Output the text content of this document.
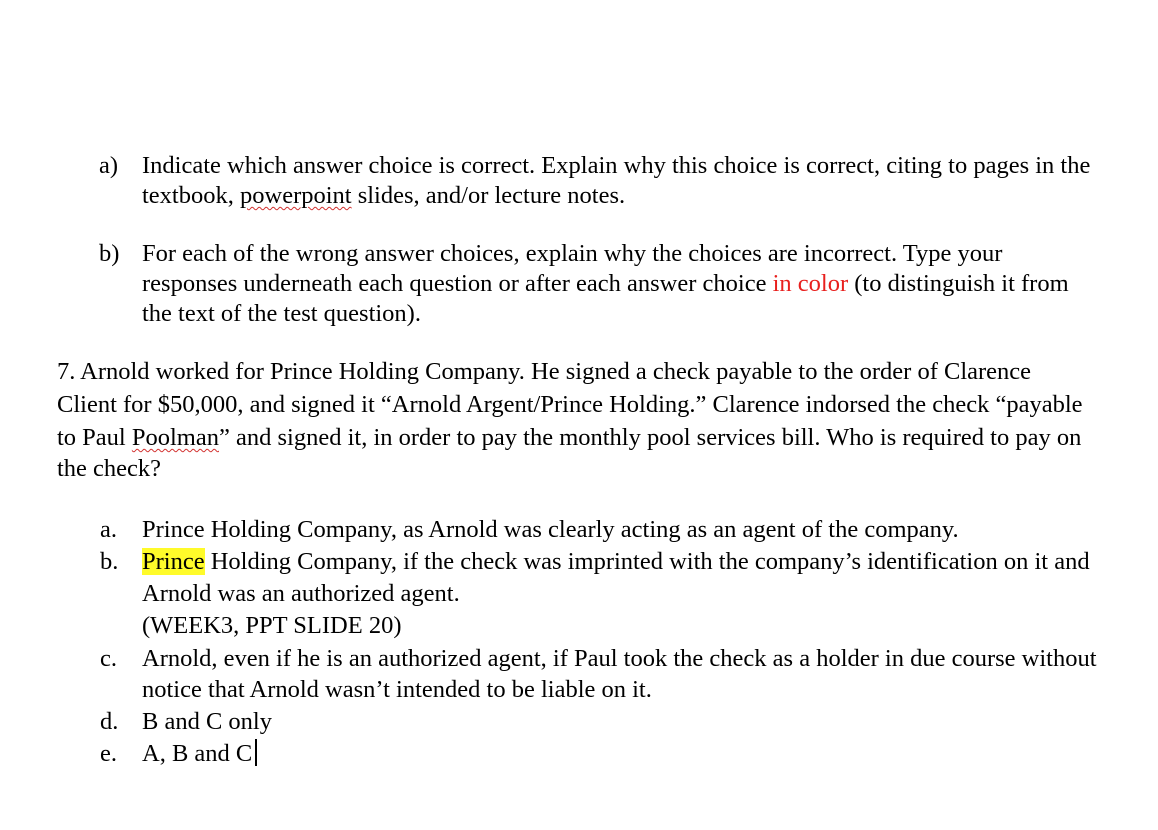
a) Indicate which answer choice is correct. Explain why this choice is correct, citing to pages in the
textbook, powerpoint slides, and/or lecture notes.
b) For each of the wrong answer choices, explain why the choices are incorrect. Type your
responses underneath each question or after each answer choice in color (to distinguish it from
the text of the test question).
7. Arnold worked for Prince Holding Company. He signed a check payable to the order of Clarence
Client for $50,000, and signed it “Arnold Argent/Prince Holding.” Clarence indorsed the check “payable
to Paul Poolman” and signed it, in order to pay the monthly pool services bill. Who is required to pay on
the check?
a. Prince Holding Company, as Arnold was clearly acting as an agent of the company.
b. Prince Holding Company, if the check was imprinted with the company’s identification on it and
Arnold was an authorized agent.
(WEEK3, PPT SLIDE 20)
c. Arnold, even if he is an authorized agent, if Paul took the check as a holder in due course without
notice that Arnold wasn’t intended to be liable on it.
d. B and C only
e. A, B and C
